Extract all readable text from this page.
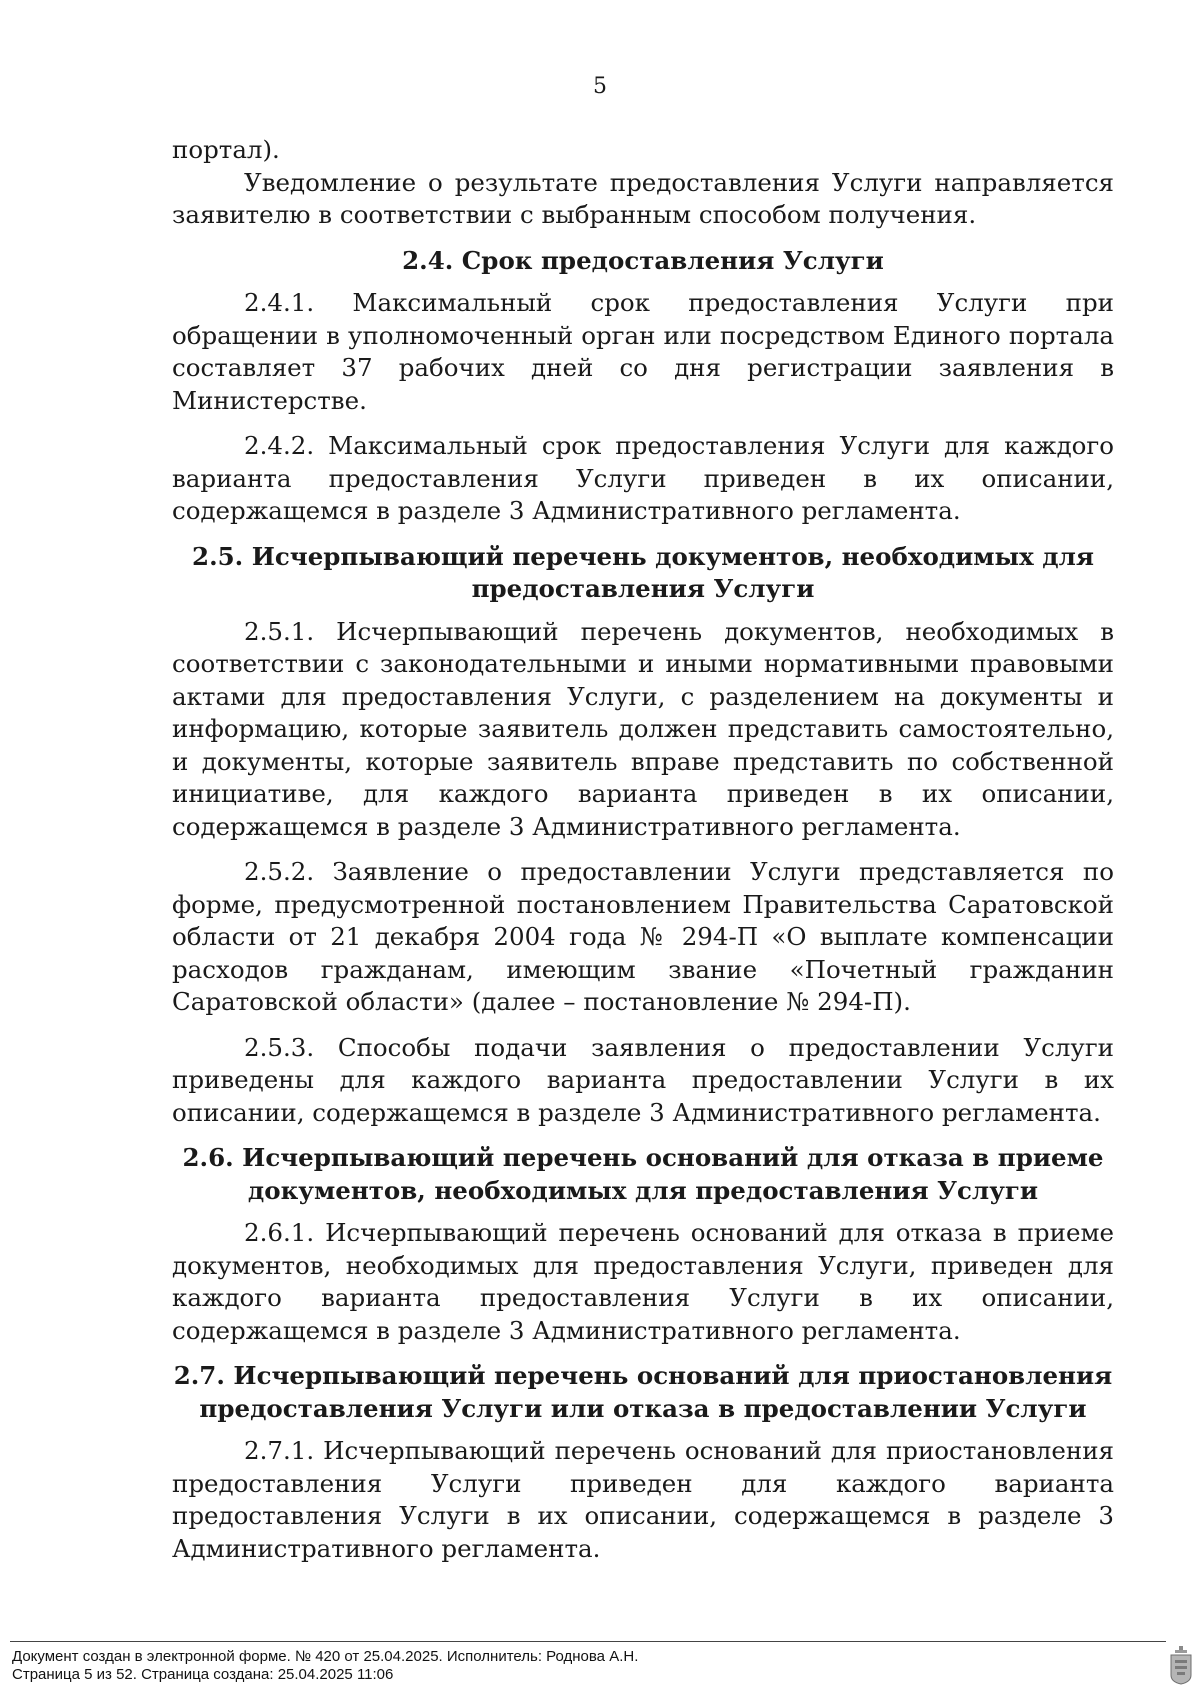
5

портал).

Уведомление о результате предоставления Услуги направляется заявителю в соответствии с выбранным способом получения.

2.4. Срок предоставления Услуги

2.4.1. Максимальный срок предоставления Услуги при обращении в уполномоченный орган или посредством Единого портала составляет 37 рабочих дней со дня регистрации заявления в Министерстве.

2.4.2. Максимальный срок предоставления Услуги для каждого варианта предоставления Услуги приведен в их описании, содержащемся в разделе 3 Административного регламента.

2.5. Исчерпывающий перечень документов, необходимых для
предоставления Услуги

2.5.1. Исчерпывающий перечень документов, необходимых в соответствии с законодательными и иными нормативными правовыми актами для предоставления Услуги, с разделением на документы и информацию, которые заявитель должен представить самостоятельно, и документы, которые заявитель вправе представить по собственной инициативе, для каждого варианта приведен в их описании, содержащемся в разделе 3 Административного регламента.

2.5.2. Заявление о предоставлении Услуги представляется по форме, предусмотренной постановлением Правительства Саратовской области от 21 декабря 2004 года № 294-П «О выплате компенсации расходов гражданам, имеющим звание «Почетный гражданин Саратовской области» (далее – постановление № 294-П).

2.5.3. Способы подачи заявления о предоставлении Услуги приведены для каждого варианта предоставлении Услуги в их описании, содержащемся в разделе 3 Административного регламента.

2.6. Исчерпывающий перечень оснований для отказа в приеме
документов, необходимых для предоставления Услуги

2.6.1. Исчерпывающий перечень оснований для отказа в приеме документов, необходимых для предоставления Услуги, приведен для каждого варианта предоставления Услуги в их описании, содержащемся в разделе 3 Административного регламента.

2.7. Исчерпывающий перечень оснований для приостановления
предоставления Услуги или отказа в предоставлении Услуги

2.7.1. Исчерпывающий перечень оснований для приостановления предоставления Услуги приведен для каждого варианта предоставления Услуги в их описании, содержащемся в разделе 3 Административного регламента.

Документ создан в электронной форме. № 420 от 25.04.2025. Исполнитель: Роднова А.Н.
Страница 5 из 52. Страница создана: 25.04.2025 11:06
